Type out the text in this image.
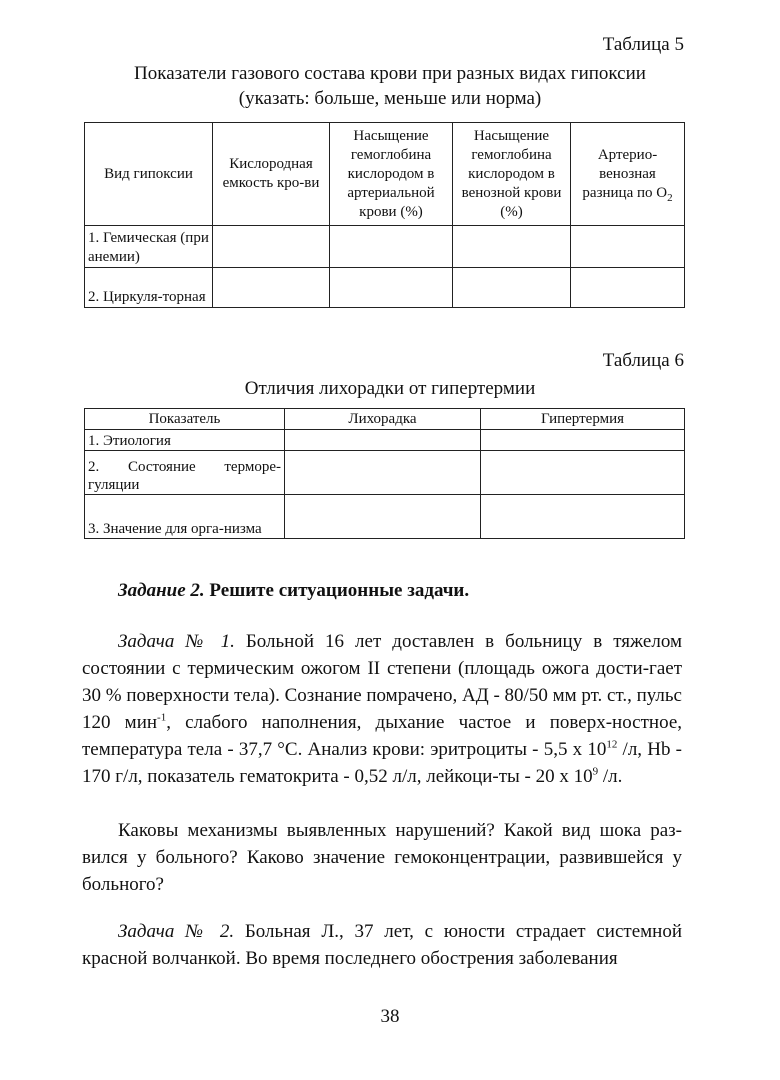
Таблица 5
Показатели газового состава крови при разных видах гипоксии
(указать: больше, меньше или норма)
Вид гипоксии	Кислородная емкость кро-ви	Насыщение гемоглобина кислородом в артериальной крови (%)	Насыщение гемоглобина кислородом в венозной крови (%)	Артерио-венозная разница по $O_2$
1. Гемическая (при анемии)				
2. Циркуля-торная				
Таблица 6
Отличия лихорадки от гипертермии
Показатель	Лихорадка	Гипертермия
1. Этиология		
2. Состояние терморе-гуляции		
3. Значение для орга-низма		
Задание 2. Решите ситуационные задачи.

Задача № 1. Больной 16 лет доставлен в больницу в тяжелом состоянии с термическим ожогом II степени (площадь ожога дости-гает 30 % поверхности тела). Сознание помрачено, АД - 80/50 мм рт. ст., пульс 120 мин$^{-1}$, слабого наполнения, дыхание частое и поверх-ностное, температура тела - 37,7 °С. Анализ крови: эритроциты - 5,5 х $10^{12}$ /л, Hb - 170 г/л, показатель гематокрита - 0,52 л/л, лейкоци-ты - 20 х $10^9$ /л.

Каковы механизмы выявленных нарушений? Какой вид шока раз-вился у больного? Каково значение гемоконцентрации, развившейся у больного?

Задача № 2. Больная Л., 37 лет, с юности страдает системной красной волчанкой. Во время последнего обострения заболевания

38
